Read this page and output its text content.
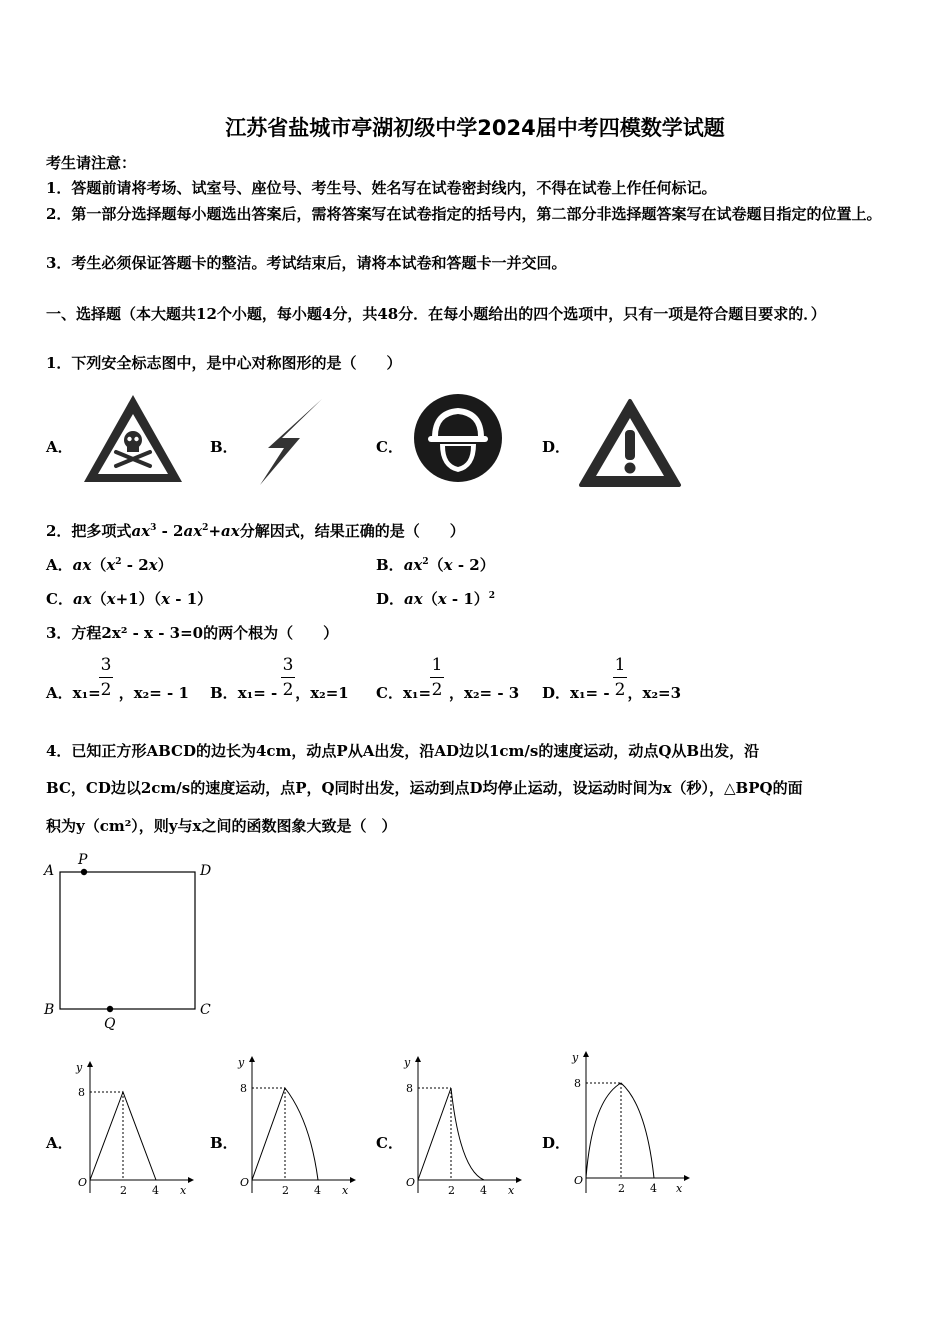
江苏省盐城市亭湖初级中学2024届中考四模数学试题
考生请注意：
1．答题前请将考场、试室号、座位号、考生号、姓名写在试卷密封线内，不得在试卷上作任何标记。
2．第一部分选择题每小题选出答案后，需将答案写在试卷指定的括号内，第二部分非选择题答案写在试卷题目指定的位置上。
3．考生必须保证答题卡的整洁。考试结束后，请将本试卷和答题卡一并交回。
一、选择题（本大题共12个小题，每小题4分，共48分．在每小题给出的四个选项中，只有一项是符合题目要求的．）
1．下列安全标志图中，是中心对称图形的是（　　）
A．	B．	C．	D．
2．把多项式$ax^3 - 2ax^2+ax$分解因式，结果正确的是（　　）
A．$ax(x^2 - 2x)$	B．$ax^2(x - 2)$
C．ax（x+1）（x - 1）	D．ax（x - 1）$^2$
3．方程2x² - x - 3=0的两个根为（　　）
A．x₁= ，x₂= - 1
3
2	B．x₁= - ，x₂=1
3
2	C．x₁= ，x₂= - 3
1
2	D．x₁= - ，x₂=3
1
2
4．已知正方形ABCD的边长为4cm，动点P从A出发，沿AD边以1cm/s的速度运动，动点Q从B出发，沿
BC，CD边以2cm/s的速度运动，点P，Q同时出发，运动到点D均停止运动，设运动时间为x（秒），△BPQ的面
积为y（cm²），则y与x之间的函数图象大致是（　）
A
P
D
B	C
Q
A．
y
8
O
2 4 x
B．
y
8
O
2 4 x
C．
y
8
O
2 4 x
D．
y
8
O
2 4 x
